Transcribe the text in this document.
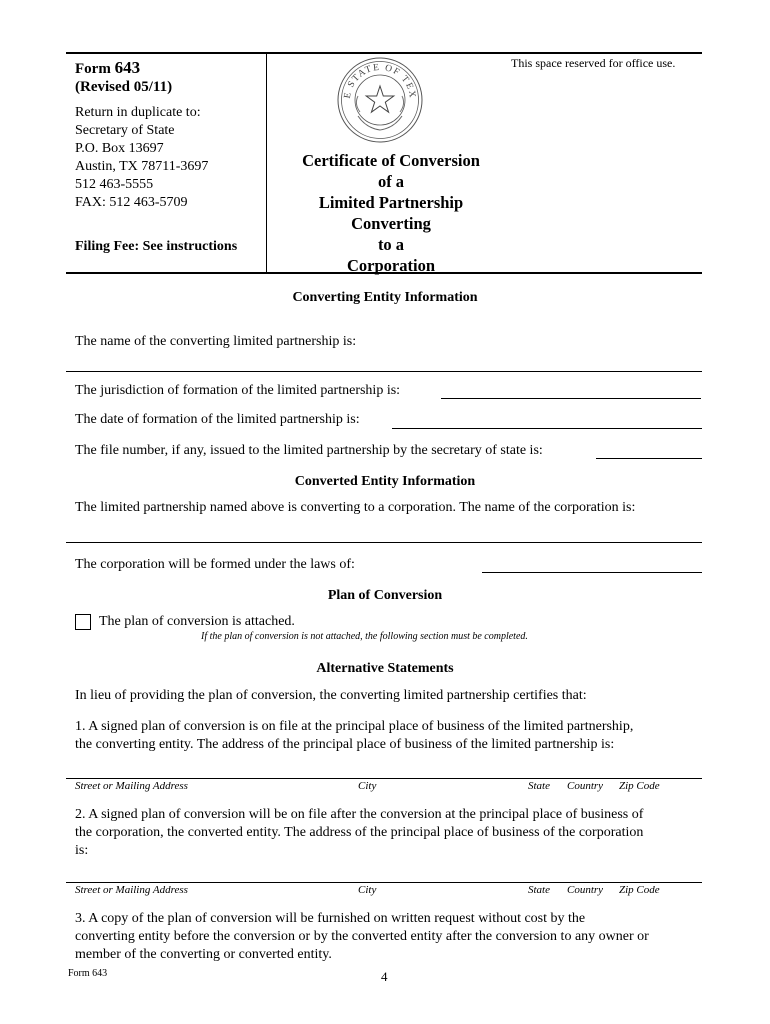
Form 643
(Revised 05/11)
Return in duplicate to:
Secretary of State
P.O. Box 13697
Austin, TX 78711-3697
512 463-5555
FAX: 512 463-5709
Filing Fee: See instructions
This space reserved for office use.
E STATE OF TEX
Certificate of Conversion
of a
Limited Partnership
Converting
to a
Corporation
Converting Entity Information
The name of the converting limited partnership is:
The jurisdiction of formation of the limited partnership is:
The date of formation of the limited partnership is:
The file number, if any, issued to the limited partnership by the secretary of state is:
Converted Entity Information
The limited partnership named above is converting to a corporation. The name of the corporation is:
The corporation will be formed under the laws of:
Plan of Conversion
The plan of conversion is attached.
If the plan of conversion is not attached, the following section must be completed.
Alternative Statements
In lieu of providing the plan of conversion, the converting limited partnership certifies that:
1. A signed plan of conversion is on file at the principal place of business of the limited partnership,
the converting entity. The address of the principal place of business of the limited partnership is:
Street or Mailing Address	City	State Country Zip Code
2. A signed plan of conversion will be on file after the conversion at the principal place of business of
the corporation, the converted entity. The address of the principal place of business of the corporation
is:
Street or Mailing Address	City	State Country Zip Code
3. A copy of the plan of conversion will be furnished on written request without cost by the
converting entity before the conversion or by the converted entity after the conversion to any owner or
member of the converting or converted entity.
Form 643	4
